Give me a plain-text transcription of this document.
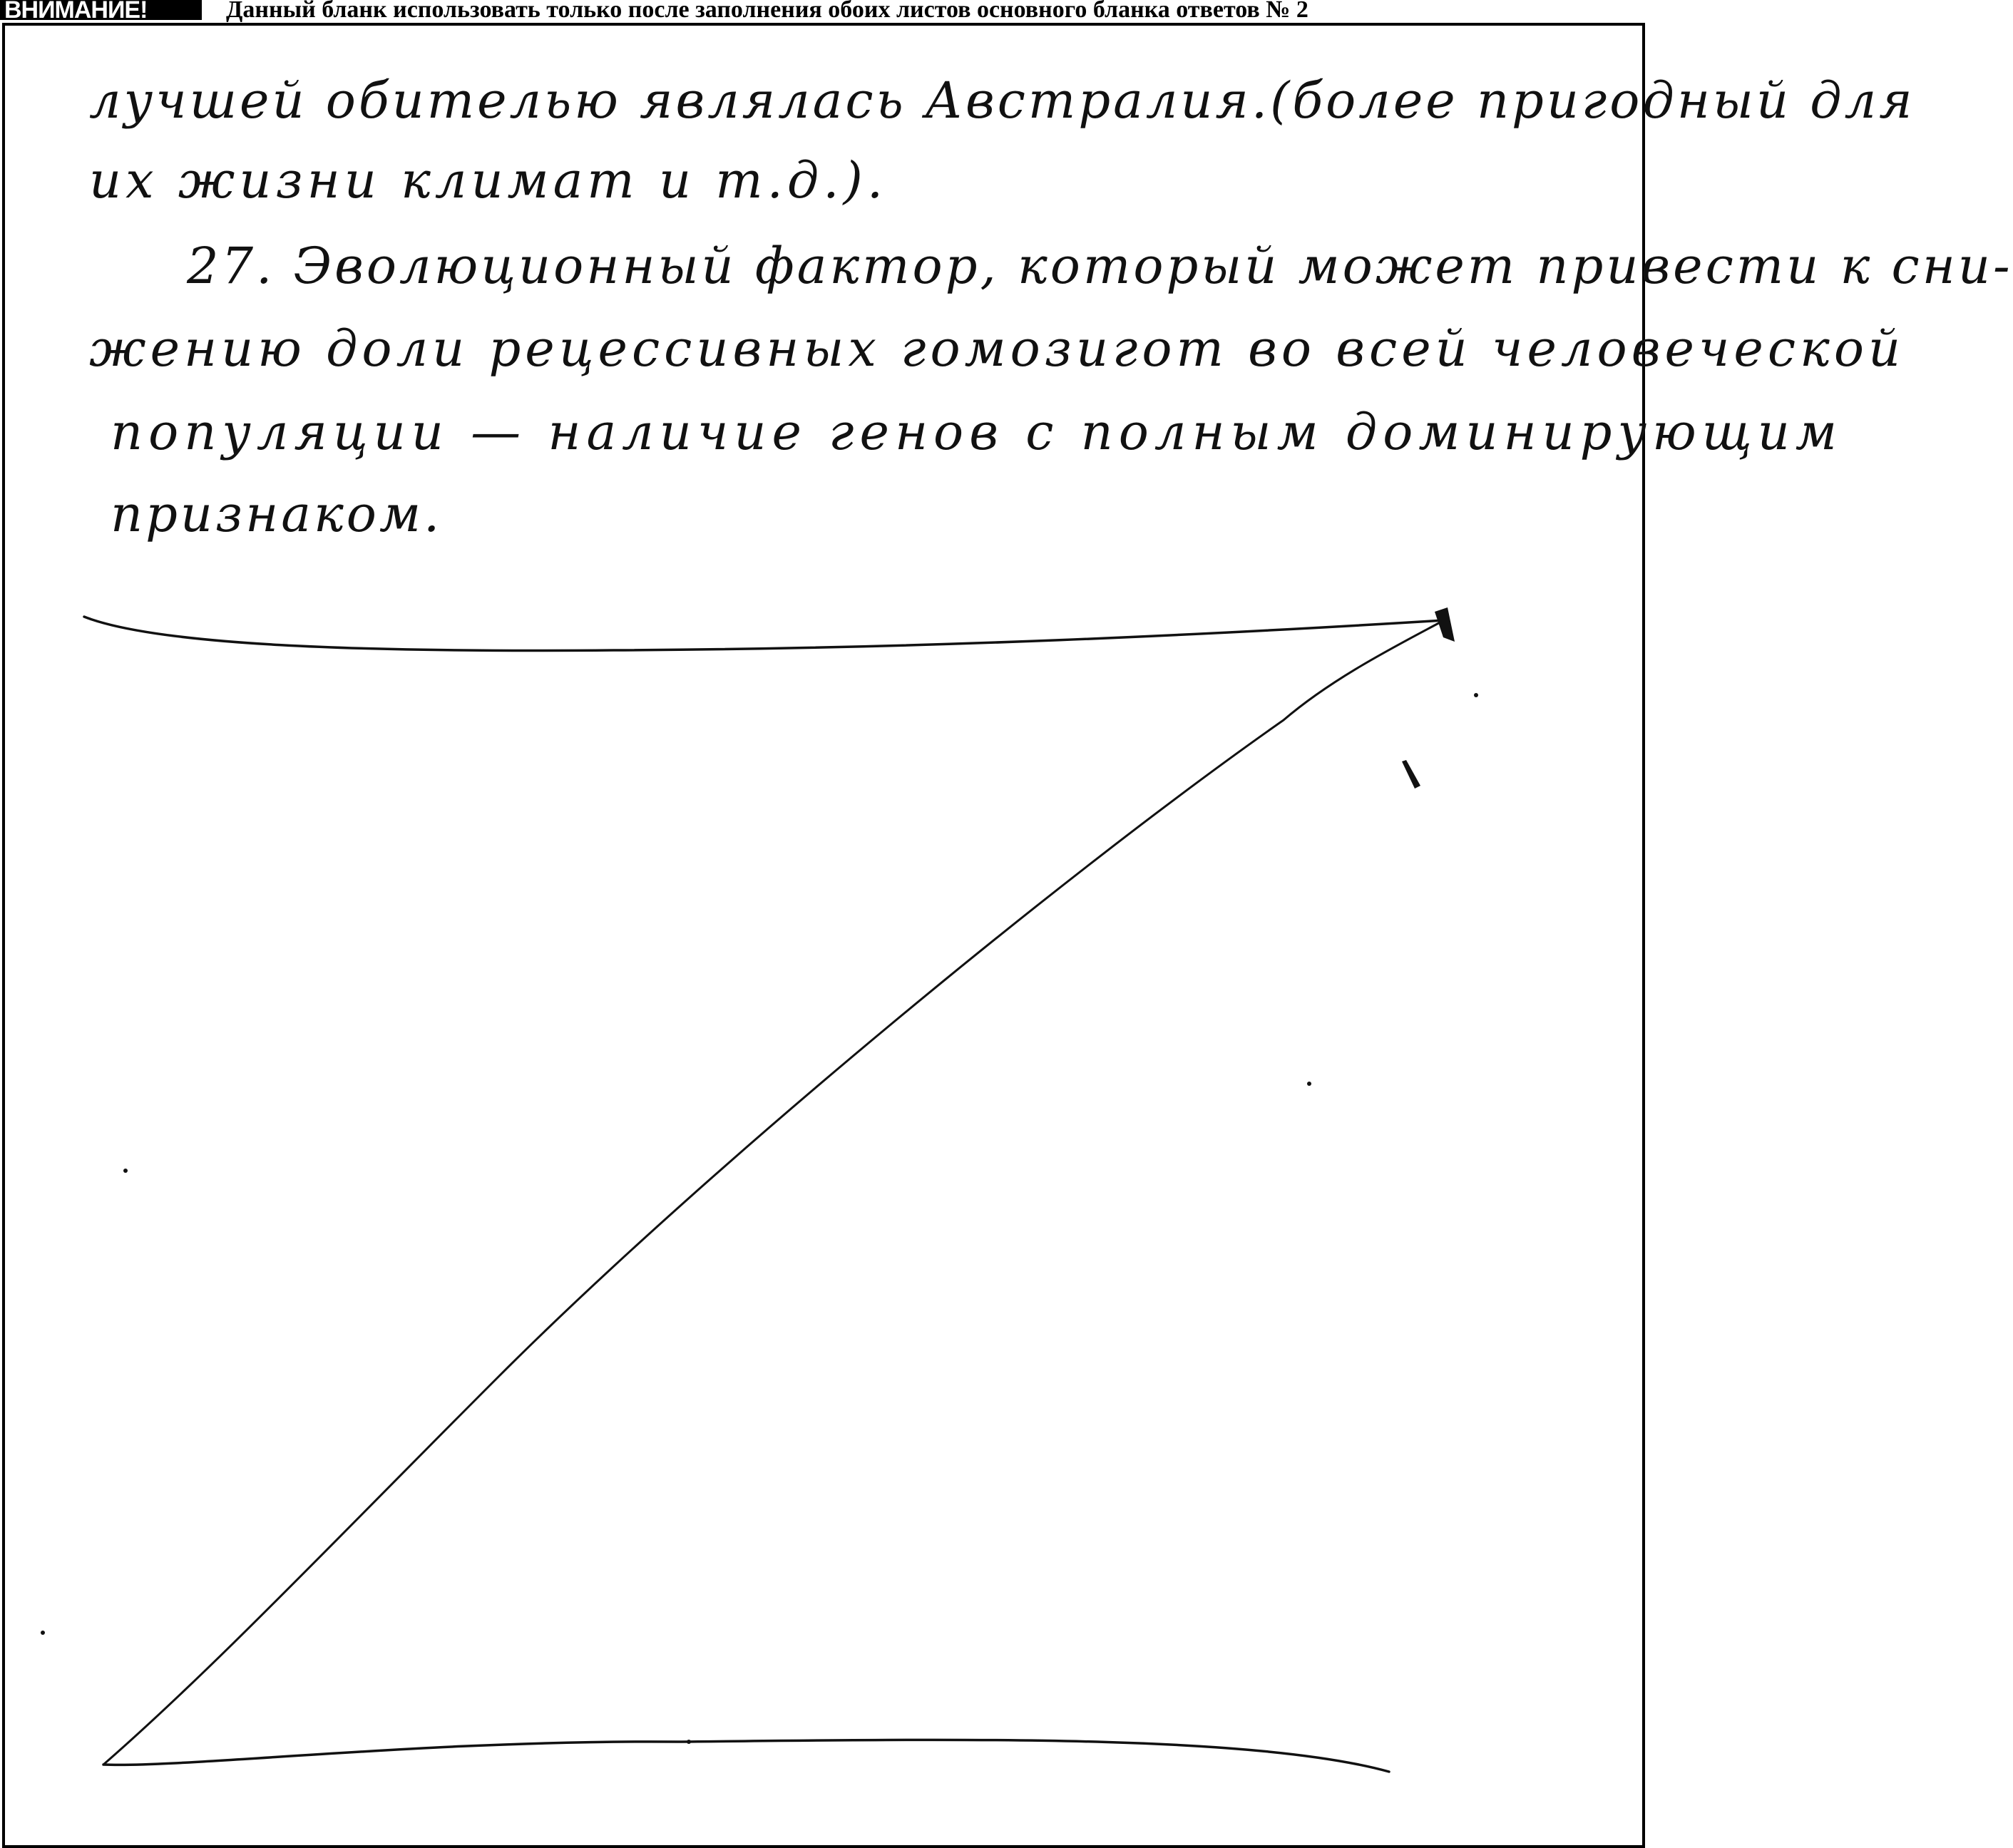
ВНИМАНИЕ!	Данный бланк использовать только после заполнения обоих листов основного бланка ответов № 2
лучшей обителью являлась Австралия.(более пригодный для
их жизни климат и т.д.).
27. Эволюционный фактор, который может привести к сни-
жению доли рецессивных гомозигот во всей человеческой
популяции — наличие генов с полным доминирующим
признаком.
